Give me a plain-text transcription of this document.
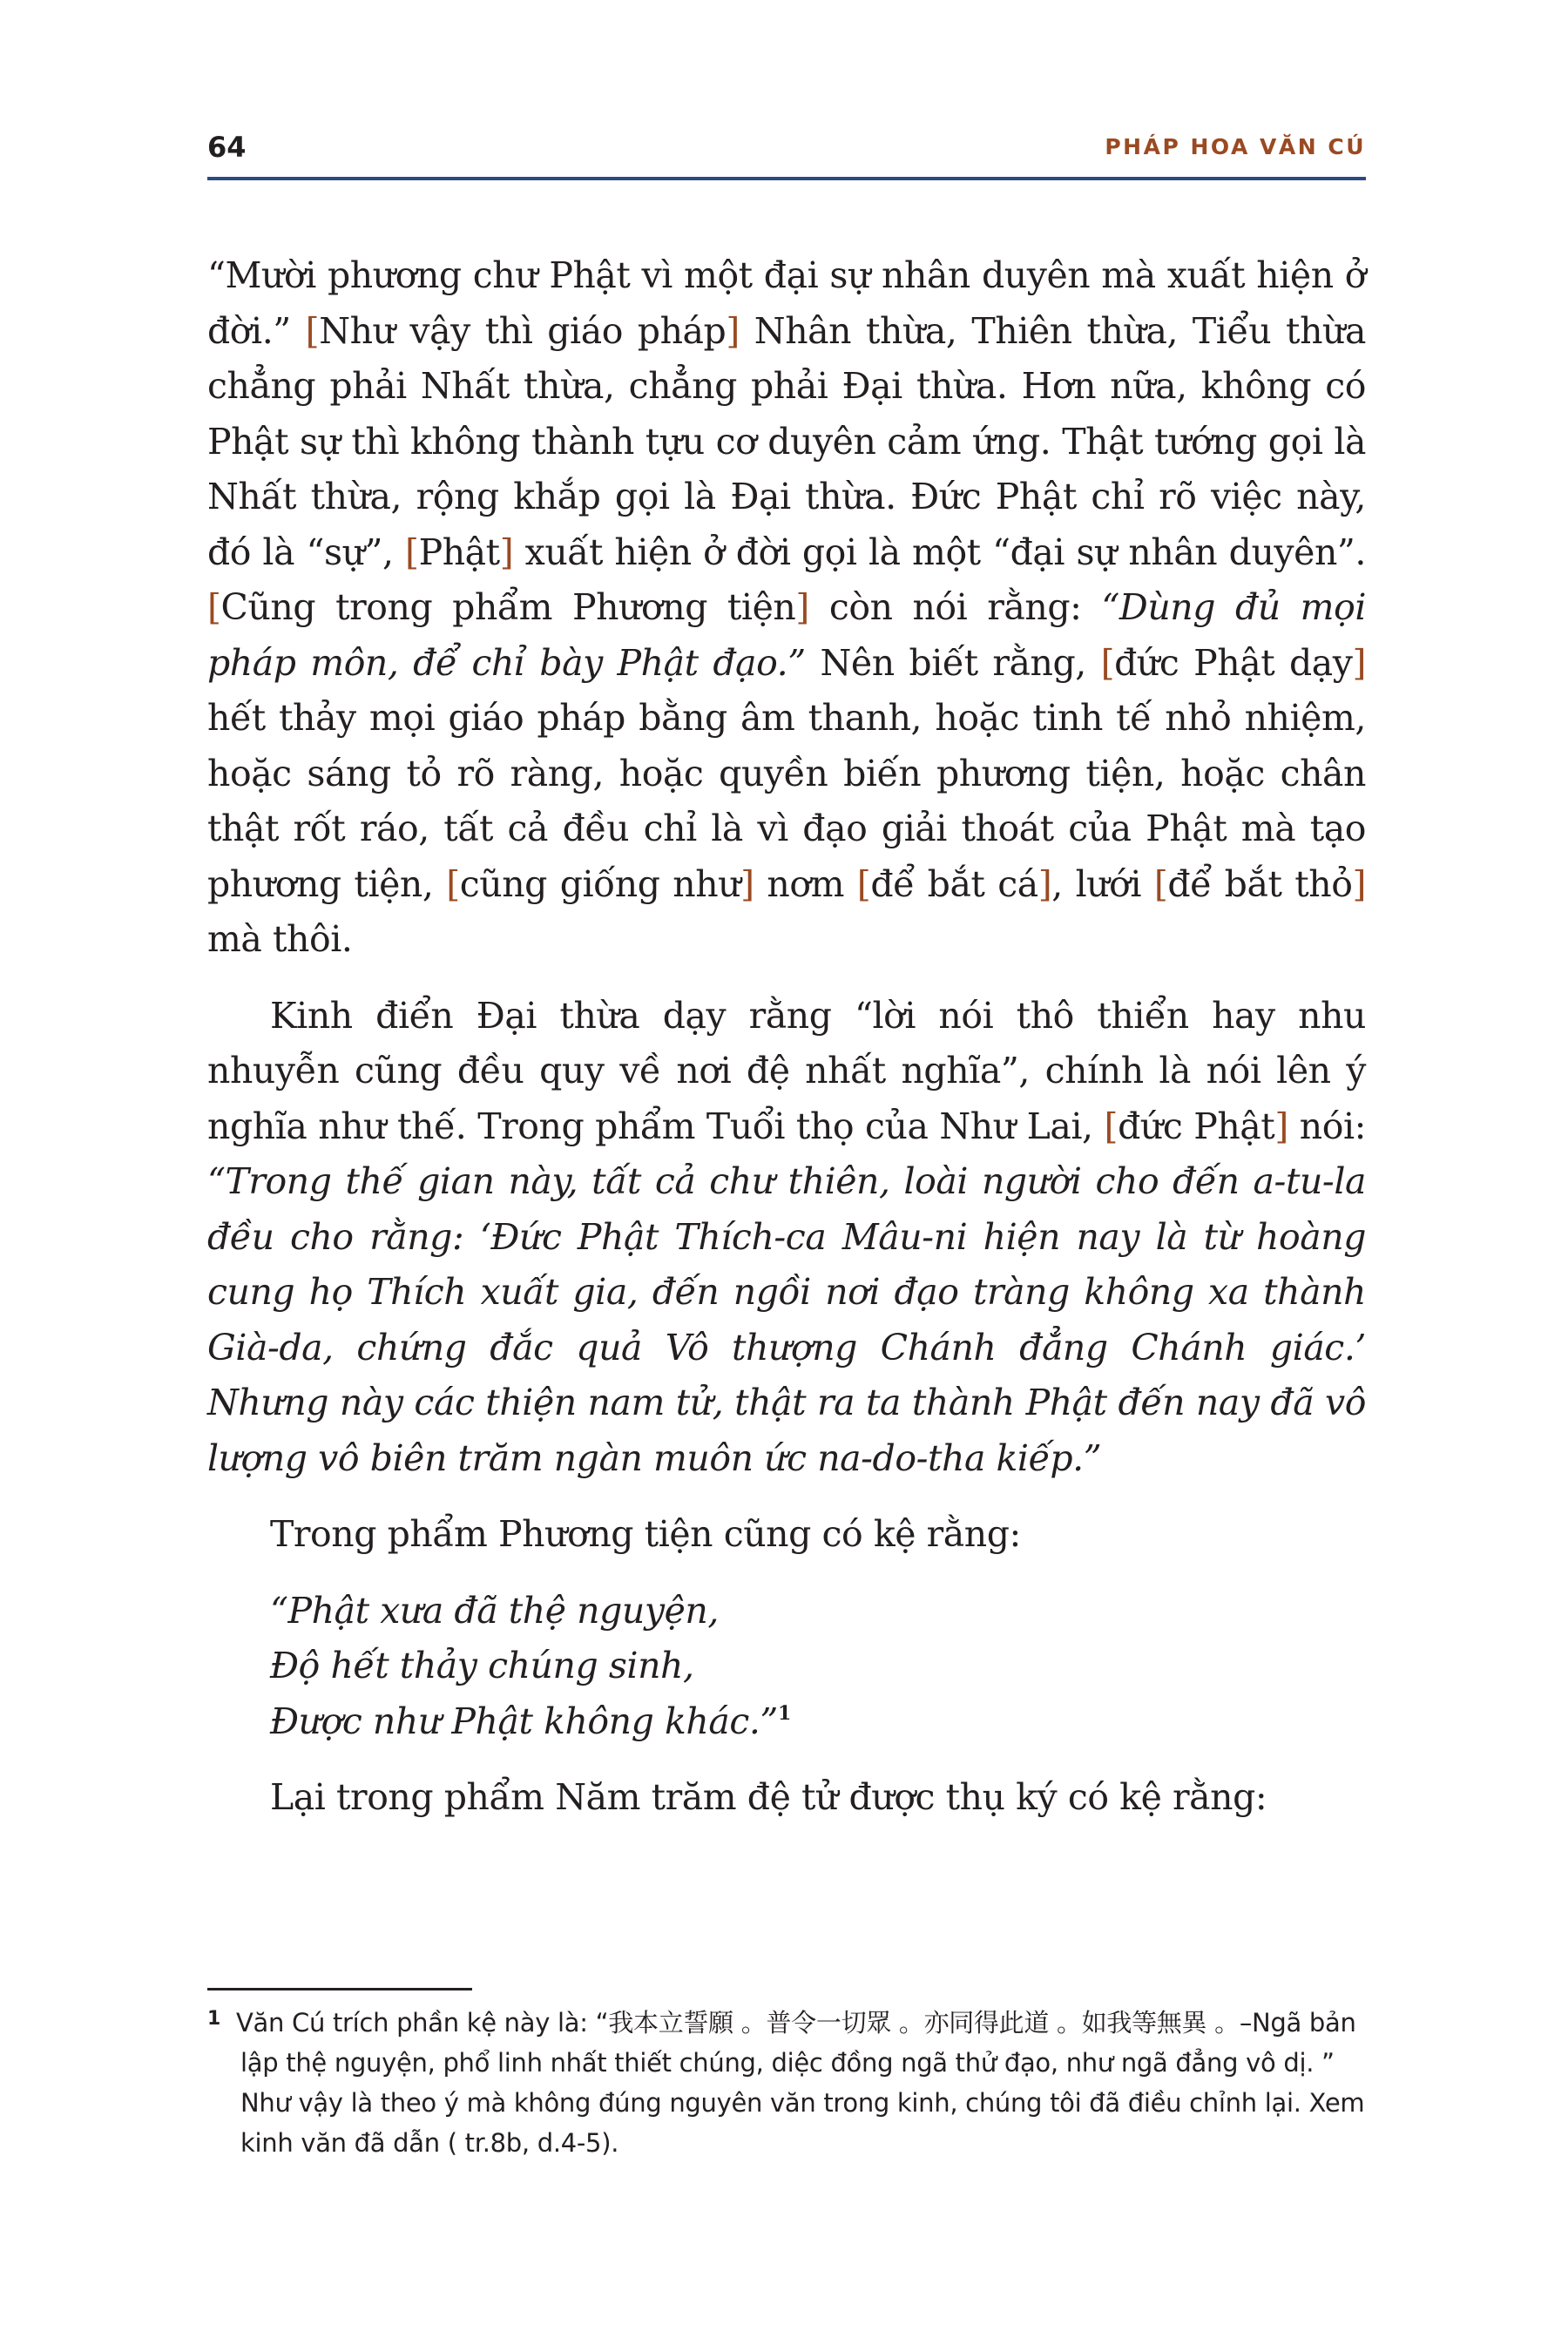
64	PHÁP HOA VĂN CÚ

“Mười phương chư Phật vì một đại sự nhân duyên mà xuất hiện ở đời.” [Như vậy thì giáo pháp] Nhân thừa, Thiên thừa, Tiểu thừa chẳng phải Nhất thừa, chẳng phải Đại thừa. Hơn nữa, không có Phật sự thì không thành tựu cơ duyên cảm ứng. Thật tướng gọi là Nhất thừa, rộng khắp gọi là Đại thừa. Đức Phật chỉ rõ việc này, đó là “sự”, [Phật] xuất hiện ở đời gọi là một “đại sự nhân duyên”. [Cũng trong phẩm Phương tiện] còn nói rằng: “Dùng đủ mọi pháp môn, để chỉ bày Phật đạo.” Nên biết rằng, [đức Phật dạy] hết thảy mọi giáo pháp bằng âm thanh, hoặc tinh tế nhỏ nhiệm, hoặc sáng tỏ rõ ràng, hoặc quyền biến phương tiện, hoặc chân thật rốt ráo, tất cả đều chỉ là vì đạo giải thoát của Phật mà tạo phương tiện, [cũng giống như] nơm [để bắt cá], lưới [để bắt thỏ] mà thôi.

Kinh điển Đại thừa dạy rằng “lời nói thô thiển hay nhu nhuyễn cũng đều quy về nơi đệ nhất nghĩa”, chính là nói lên ý nghĩa như thế. Trong phẩm Tuổi thọ của Như Lai, [đức Phật] nói: “Trong thế gian này, tất cả chư thiên, loài người cho đến a-tu-la đều cho rằng: ‘Đức Phật Thích-ca Mâu-ni hiện nay là từ hoàng cung họ Thích xuất gia, đến ngồi nơi đạo tràng không xa thành Già-da, chứng đắc quả Vô thượng Chánh đẳng Chánh giác.’ Nhưng này các thiện nam tử, thật ra ta thành Phật đến nay đã vô lượng vô biên trăm ngàn muôn ức na-do-tha kiếp.”

Trong phẩm Phương tiện cũng có kệ rằng:

“Phật xưa đã thệ nguyện,
Độ hết thảy chúng sinh,
Được như Phật không khác.”$^1$

Lại trong phẩm Năm trăm đệ tử được thụ ký có kệ rằng:

$^1$ Văn Cú trích phần kệ này là: “我本立誓願 。普令一切眾 。亦同得此道 。如我等無異 。–Ngã bản lập thệ nguyện, phổ linh nhất thiết chúng, diệc đồng ngã thử đạo, như ngã đẳng vô dị. ” Như vậy là theo ý mà không đúng nguyên văn trong kinh, chúng tôi đã điều chỉnh lại. Xem kinh văn đã dẫn ( tr.8b, d.4-5).
